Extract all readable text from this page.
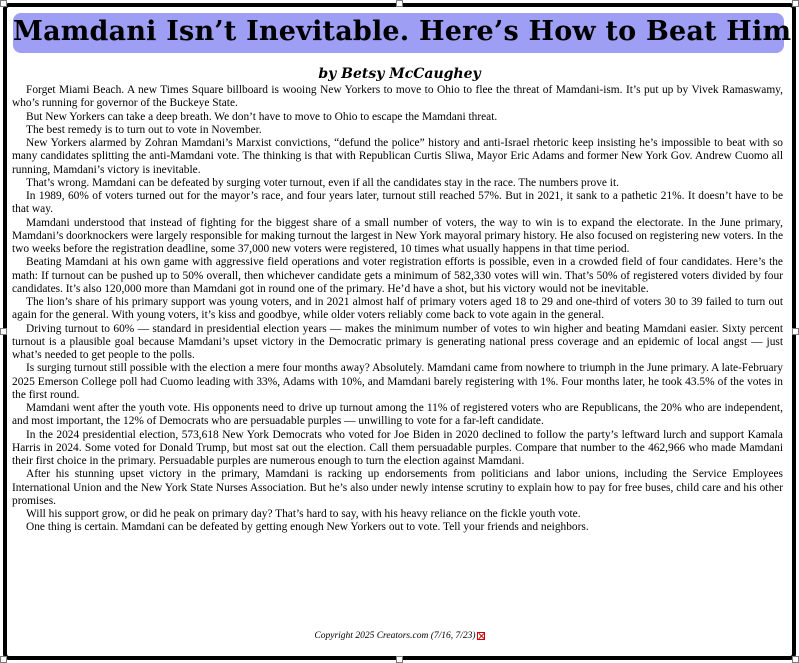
Mamdani Isn’t Inevitable. Here’s How to Beat Him
by Betsy McCaughey

Forget Miami Beach. A new Times Square billboard is wooing New Yorkers to move to Ohio to flee the threat of Mamdani-ism. It’s put up by Vivek Ramaswamy, who’s running for governor of the Buckeye State.

But New Yorkers can take a deep breath. We don’t have to move to Ohio to escape the Mamdani threat.

The best remedy is to turn out to vote in November.

New Yorkers alarmed by Zohran Mamdani’s Marxist convictions, “defund the police” history and anti-Israel rhetoric keep insisting he’s impossible to beat with so many candidates splitting the anti-Mamdani vote. The thinking is that with Republican Curtis Sliwa, Mayor Eric Adams and former New York Gov. Andrew Cuomo all running, Mamdani’s victory is inevitable.

That’s wrong. Mamdani can be defeated by surging voter turnout, even if all the candidates stay in the race. The numbers prove it.

In 1989, 60% of voters turned out for the mayor’s race, and four years later, turnout still reached 57%. But in 2021, it sank to a pathetic 21%. It doesn’t have to be that way.

Mamdani understood that instead of fighting for the biggest share of a small number of voters, the way to win is to expand the electorate. In the June primary, Mamdani’s doorknockers were largely responsible for making turnout the largest in New York mayoral primary history. He also focused on registering new voters. In the two weeks before the registration deadline, some 37,000 new voters were registered, 10 times what usually happens in that time period.

Beating Mamdani at his own game with aggressive field operations and voter registration efforts is possible, even in a crowded field of four candidates. Here’s the math: If turnout can be pushed up to 50% overall, then whichever candidate gets a minimum of 582,330 votes will win. That’s 50% of registered voters divided by four candidates. It’s also 120,000 more than Mamdani got in round one of the primary. He’d have a shot, but his victory would not be inevitable.

The lion’s share of his primary support was young voters, and in 2021 almost half of primary voters aged 18 to 29 and one-third of voters 30 to 39 failed to turn out again for the general. With young voters, it’s kiss and goodbye, while older voters reliably come back to vote again in the general.

Driving turnout to 60% — standard in presidential election years — makes the minimum number of votes to win higher and beating Mamdani easier. Sixty percent turnout is a plausible goal because Mamdani’s upset victory in the Democratic primary is generating national press coverage and an epidemic of local angst — just what’s needed to get people to the polls.

Is surging turnout still possible with the election a mere four months away? Absolutely. Mamdani came from nowhere to triumph in the June primary. A late-February 2025 Emerson College poll had Cuomo leading with 33%, Adams with 10%, and Mamdani barely registering with 1%. Four months later, he took 43.5% of the votes in the first round.

Mamdani went after the youth vote. His opponents need to drive up turnout among the 11% of registered voters who are Republicans, the 20% who are independent, and most important, the 12% of Democrats who are persuadable purples — unwilling to vote for a far-left candidate.

In the 2024 presidential election, 573,618 New York Democrats who voted for Joe Biden in 2020 declined to follow the party’s leftward lurch and support Kamala Harris in 2024. Some voted for Donald Trump, but most sat out the election. Call them persuadable purples. Compare that number to the 462,966 who made Mamdani their first choice in the primary. Persuadable purples are numerous enough to turn the election against Mamdani.

After his stunning upset victory in the primary, Mamdani is racking up endorsements from politicians and labor unions, including the Service Employees International Union and the New York State Nurses Association. But he’s also under newly intense scrutiny to explain how to pay for free buses, child care and his other promises.

Will his support grow, or did he peak on primary day? That’s hard to say, with his heavy reliance on the fickle youth vote.

One thing is certain. Mamdani can be defeated by getting enough New Yorkers out to vote. Tell your friends and neighbors.

Copyright 2025 Creators.com (7/16, 7/23)
